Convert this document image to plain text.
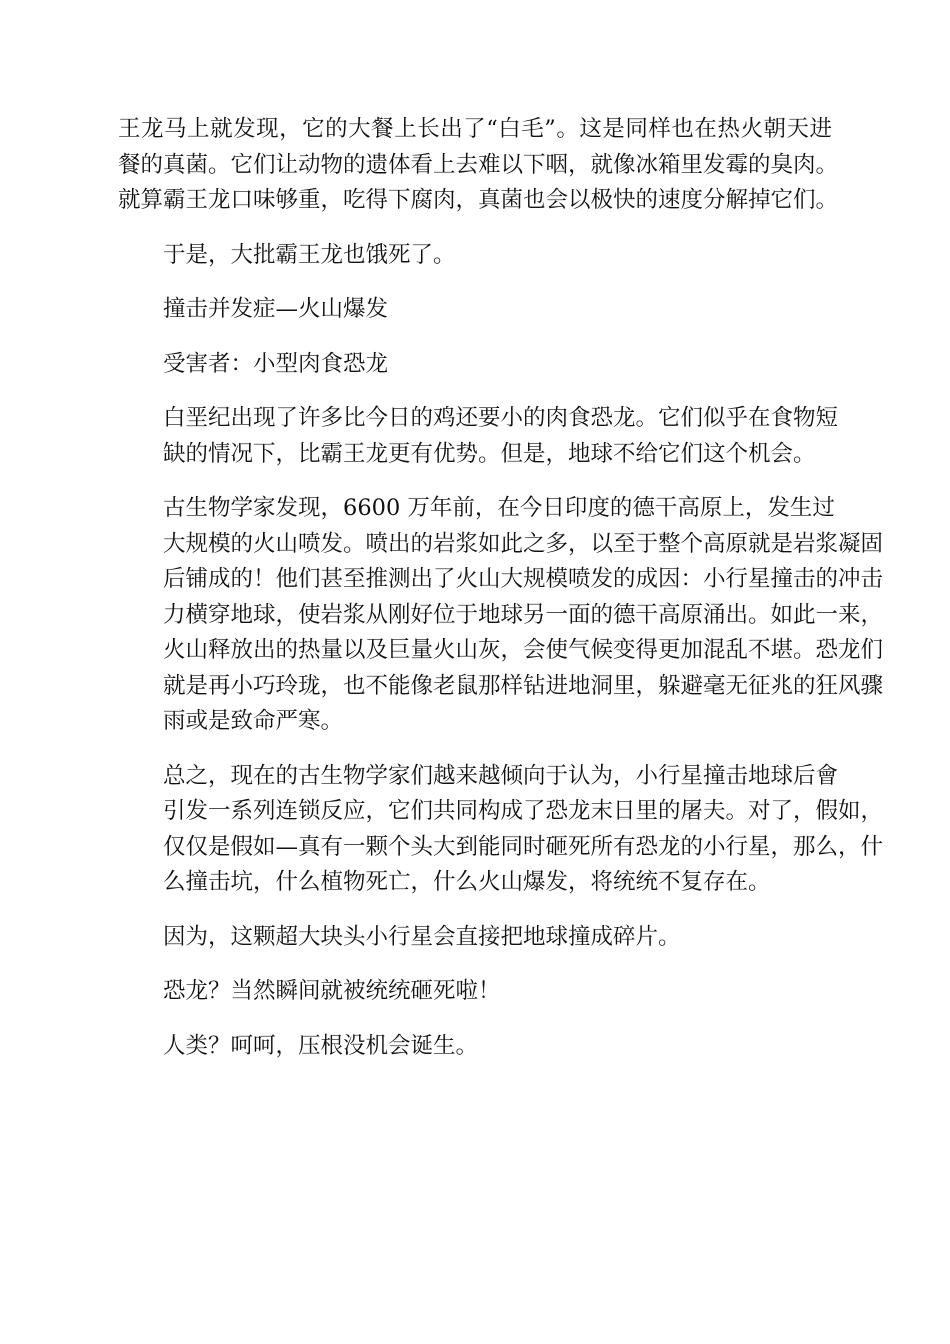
王龙马上就发现，它的大餐上长出了“白毛”。这是同样也在热火朝天进
餐的真菌。它们让动物的遗体看上去难以下咽，就像冰箱里发霉的臭肉。
就算霸王龙口味够重，吃得下腐肉，真菌也会以极快的速度分解掉它们。

于是，大批霸王龙也饿死了。

撞击并发症—火山爆发

受害者：小型肉食恐龙

白垩纪出现了许多比今日的鸡还要小的肉食恐龙。它们似乎在食物短
缺的情况下，比霸王龙更有优势。但是，地球不给它们这个机会。

古生物学家发现，6600 万年前，在今日印度的德干高原上，发生过
大规模的火山喷发。喷出的岩浆如此之多，以至于整个高原就是岩浆凝固
后铺成的！他们甚至推测出了火山大规模喷发的成因：小行星撞击的冲击
力横穿地球，使岩浆从刚好位于地球另一面的德干高原涌出。如此一来，
火山释放出的热量以及巨量火山灰，会使气候变得更加混乱不堪。恐龙们
就是再小巧玲珑，也不能像老鼠那样钻进地洞里，躲避毫无征兆的狂风骤
雨或是致命严寒。

总之，现在的古生物学家们越来越倾向于认为，小行星撞击地球后會
引发一系列连锁反应，它们共同构成了恐龙末日里的屠夫。对了，假如，
仅仅是假如—真有一颗个头大到能同时砸死所有恐龙的小行星，那么，什
么撞击坑，什么植物死亡，什么火山爆发，将统统不复存在。

因为，这颗超大块头小行星会直接把地球撞成碎片。

恐龙？当然瞬间就被统统砸死啦！

人类？呵呵，压根没机会诞生。
